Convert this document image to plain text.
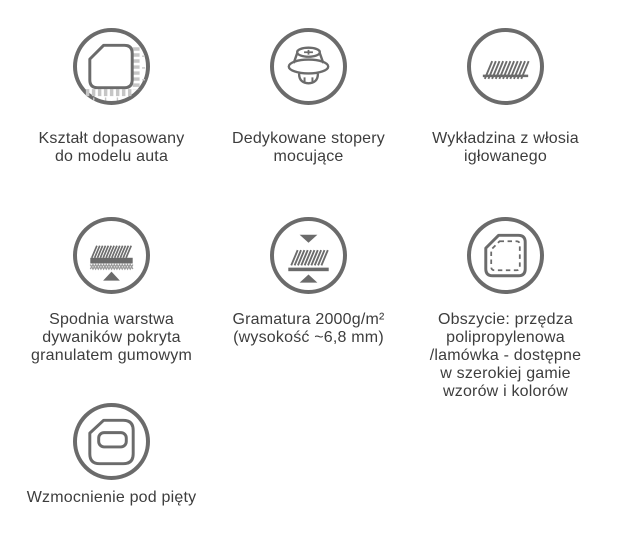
Kształt dopasowany
do modelu auta

Dedykowane stopery
mocujące

Wykładzina z włosia
igłowanego

Spodnia warstwa
dywaników pokryta
granulatem gumowym

Gramatura 2000g/m²
(wysokość ~6,8 mm)

Obszycie: przędza
polipropylenowa
/lamówka - dostępne
w szerokiej gamie
wzorów i kolorów

Wzmocnienie pod pięty
